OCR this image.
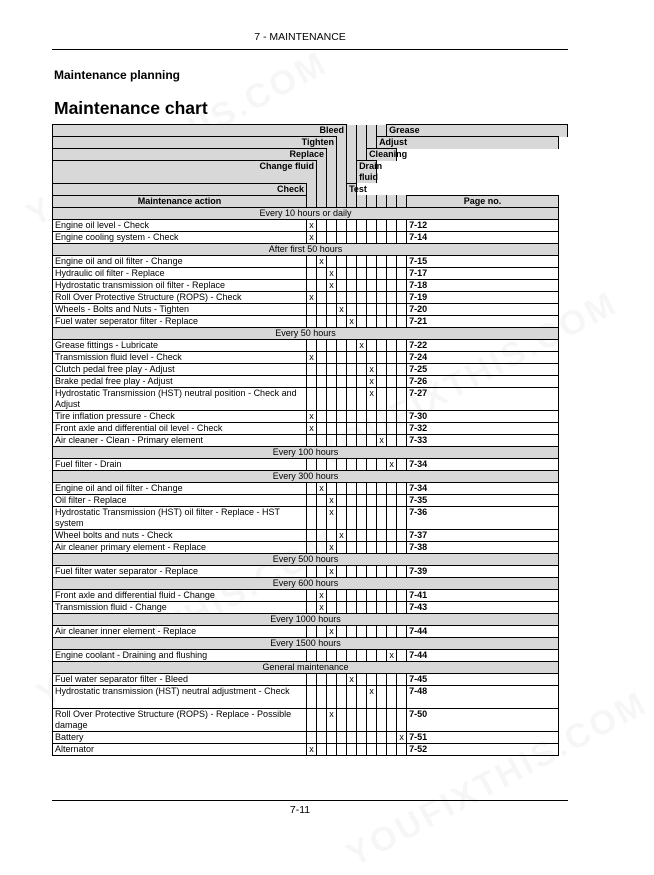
7 - MAINTENANCE
Maintenance planning
Maintenance chart
Bleed									Grease		
Tighten								Adjust			
Replace							Cleaning				
Change fluid						Drain fluid					
Check					Test						
Maintenance action											Page no.
Every 10 hours or daily											
Engine oil level - Check	x										7-12
Engine cooling system - Check	x										7-14
After first 50 hours											
Engine oil and oil filter - Change		x									7-15
Hydraulic oil filter - Replace			x								7-17
Hydrostatic transmission oil filter - Replace			x								7-18
Roll Over Protective Structure (ROPS) - Check	x										7-19
Wheels - Bolts and Nuts - Tighten				x							7-20
Fuel water seperator filter - Replace					x						7-21
Every 50 hours											
Grease fittings - Lubricate						x					7-22
Transmission fluid level - Check	x										7-24
Clutch pedal free play - Adjust							x				7-25
Brake pedal free play - Adjust							x				7-26
Hydrostatic Transmission (HST) neutral position - Check and Adjust							x				7-27
Tire inflation pressure - Check	x										7-30
Front axle and differential oil level - Check	x										7-32
Air cleaner - Clean - Primary element								x			7-33
Every 100 hours											
Fuel filter - Drain									x		7-34
Every 300 hours											
Engine oil and oil filter - Change		x									7-34
Oil filter - Replace			x								7-35
Hydrostatic Transmission (HST) oil filter - Replace - HST system			x								7-36
Wheel bolts and nuts - Check				x							7-37
Air cleaner primary element - Replace			x								7-38
Every 500 hours											
Fuel filter water separator - Replace			x								7-39
Every 600 hours											
Front axle and differential fluid - Change		x									7-41
Transmission fluid - Change		x									7-43
Every 1000 hours											
Air cleaner inner element - Replace			x								7-44
Every 1500 hours											
Engine coolant - Draining and flushing									x		7-44
General maintenance											
Fuel water separator filter - Bleed					x						7-45
Hydrostatic transmission (HST) neutral adjustment - Check							x				7-48
Roll Over Protective Structure (ROPS) - Replace - Possible damage			x								7-50
Battery										x	7-51
Alternator	x										7-52
7-11
